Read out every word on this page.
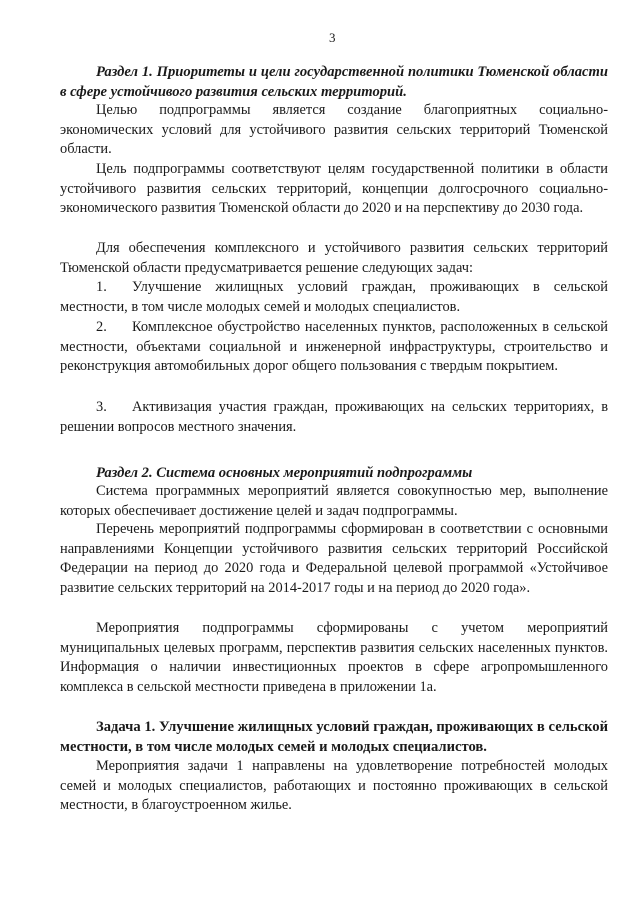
3
Раздел 1. Приоритеты и цели государственной политики Тюменской области в сфере устойчивого развития сельских территорий.

Целью подпрограммы является создание благоприятных социально-экономических условий для устойчивого развития сельских территорий Тюменской области.

Цель подпрограммы соответствуют целям государственной политики в области устойчивого развития сельских территорий, концепции долгосрочного социально-экономического развития Тюменской области до 2020 и на перспективу до 2030 года.

Для обеспечения комплексного и устойчивого развития сельских территорий Тюменской области предусматривается решение следующих задач:

1. Улучшение жилищных условий граждан, проживающих в сельской местности, в том числе молодых семей и молодых специалистов.

2. Комплексное обустройство населенных пунктов, расположенных в сельской местности, объектами социальной и инженерной инфраструктуры, строительство и реконструкция автомобильных дорог общего пользования с твердым покрытием.

3. Активизация участия граждан, проживающих на сельских территориях, в решении вопросов местного значения.

Раздел 2. Система основных мероприятий подпрограммы

Система программных мероприятий является совокупностью мер, выполнение которых обеспечивает достижение целей и задач подпрограммы.

Перечень мероприятий подпрограммы сформирован в соответствии с основными направлениями Концепции устойчивого развития сельских территорий Российской Федерации на период до 2020 года и Федеральной целевой программой «Устойчивое развитие сельских территорий на 2014-2017 годы и на период до 2020 года».

Мероприятия подпрограммы сформированы с учетом мероприятий муниципальных целевых программ, перспектив развития сельских населенных пунктов. Информация о наличии инвестиционных проектов в сфере агропромышленного комплекса в сельской местности приведена в приложении 1а.

Задача 1. Улучшение жилищных условий граждан, проживающих в сельской местности, в том числе молодых семей и молодых специалистов.

Мероприятия задачи 1 направлены на удовлетворение потребностей молодых семей и молодых специалистов, работающих и постоянно проживающих в сельской местности, в благоустроенном жилье.
